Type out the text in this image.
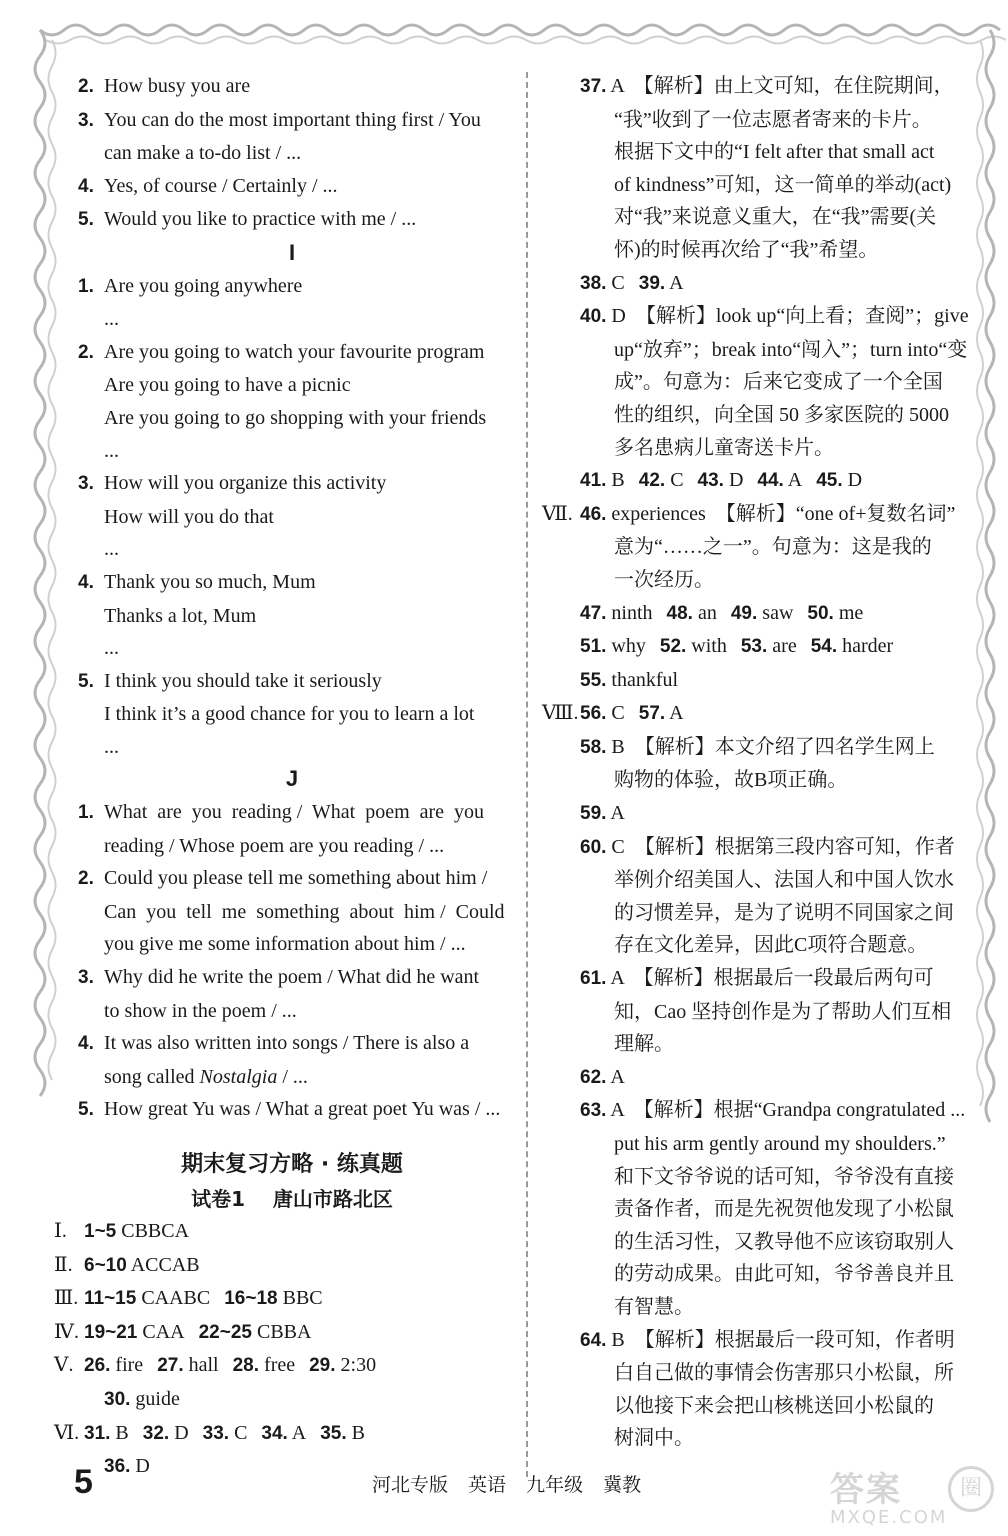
2. How busy you are
3. You can do the most important thing first / You
can make a to-do list / ...
4. Yes, of course / Certainly / ...
5. Would you like to practice with me / ...
I
1. Are you going anywhere
...
2. Are you going to watch your favourite program
Are you going to have a picnic
Are you going to go shopping with your friends
...
3. How will you organize this activity
How will you do that
...
4. Thank you so much, Mum
Thanks a lot, Mum
...
5. I think you should take it seriously
I think it’s a good chance for you to learn a lot
...
J
1. What  are  you  reading /  What  poem  are  you
reading / Whose poem are you reading / ...
2. Could you please tell me something about him /
Can  you  tell  me  something  about  him /  Could
you give me some information about him / ...
3. Why did he write the poem / What did he want
to show in the poem / ...
4. It was also written into songs / There is also a
song called Nostalgia / ...
5. How great Yu was / What a great poet Yu was / ...
期末复习方略 · 练真题
试卷1    唐山市路北区
Ⅰ. 1~5 CBBCA
Ⅱ. 6~10 ACCAB
Ⅲ. 11~15 CAABC 16~18 BBC
Ⅳ. 19~21 CAA 22~25 CBBA
Ⅴ. 26. fire 27. hall 28. free 29. 2:30
30. guide
Ⅵ. 31. B 32. D 33. C 34. A 35. B
36. D
37. A  【解析】由上文可知，在住院期间，
“我”收到了一位志愿者寄来的卡片。
根据下文中的“I felt after that small act
of kindness”可知，这一简单的举动(act)
对“我”来说意义重大，在“我”需要(关
怀)的时候再次给了“我”希望。
38. C 39. A
40. D  【解析】look up“向上看；查阅”；give
up“放弃”；break into“闯入”；turn into“变
成”。句意为：后来它变成了一个全国
性的组织，向全国 50 多家医院的 5000
多名患病儿童寄送卡片。
41. B 42. C 43. D 44. A 45. D
Ⅶ. 46. experiences  【解析】“one of+复数名词”
意为“……之一”。句意为：这是我的
一次经历。
47. ninth 48. an 49. saw 50. me
51. why 52. with 53. are 54. harder
55. thankful
Ⅷ.56. C 57. A
58. B  【解析】本文介绍了四名学生网上
购物的体验，故B项正确。
59. A
60. C  【解析】根据第三段内容可知，作者
举例介绍美国人、法国人和中国人饮水
的习惯差异，是为了说明不同国家之间
存在文化差异，因此C项符合题意。
61. A  【解析】根据最后一段最后两句可
知，Cao 坚持创作是为了帮助人们互相
理解。
62. A
63. A  【解析】根据“Grandpa congratulated ...
put his arm gently around my shoulders.”
和下文爷爷说的话可知，爷爷没有直接
责备作者，而是先祝贺他发现了小松鼠
的生活习性，又教导他不应该窃取别人
的劳动成果。由此可知，爷爷善良并且
有智慧。
64. B  【解析】根据最后一段可知，作者明
白自己做的事情会伤害那只小松鼠，所
以他接下来会把山核桃送回小松鼠的
树洞中。
5	河北专版 英语 九年级 冀教	答案	圈
MXQE.COM
